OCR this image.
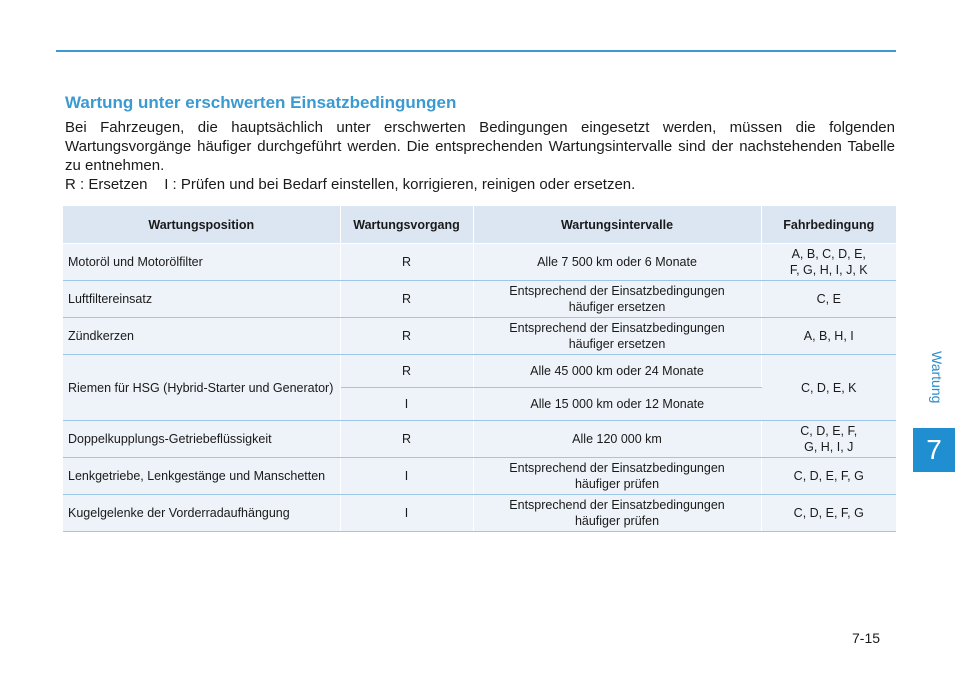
Wartung
7
Wartung unter erschwerten Einsatzbedingungen

Bei Fahrzeugen, die hauptsächlich unter erschwerten Bedingungen eingesetzt werden, müssen die folgenden Wartungsvorgänge häufiger durchgeführt werden. Die entsprechenden Wartungsintervalle sind der nachstehenden Tabelle zu entnehmen.

R : Ersetzen I : Prüfen und bei Bedarf einstellen, korrigieren, reinigen oder ersetzen.

Wartungsposition	Wartungsvorgang	Wartungsintervalle	Fahrbedingung
Motoröl und Motorölfilter	R	Alle 7 500 km oder 6 Monate	A, B, C, D, E,
F, G, H, I, J, K
Luftfiltereinsatz	R	Entsprechend der Einsatzbedingungen
häufiger ersetzen	C, E
Zündkerzen	R	Entsprechend der Einsatzbedingungen
häufiger ersetzen	A, B, H, I
Riemen für HSG (Hybrid-Starter und Generator)	R	Alle 45 000 km oder 24 Monate	C, D, E, K
	I	Alle 15 000 km oder 12 Monate	
Doppelkupplungs-Getriebeflüssigkeit	R	Alle 120 000 km	C, D, E, F,
G, H, I, J
Lenkgetriebe, Lenkgestänge und Manschetten	I	Entsprechend der Einsatzbedingungen
häufiger prüfen	C, D, E, F, G
Kugelgelenke der Vorderradaufhängung	I	Entsprechend der Einsatzbedingungen
häufiger prüfen	C, D, E, F, G
7-15
